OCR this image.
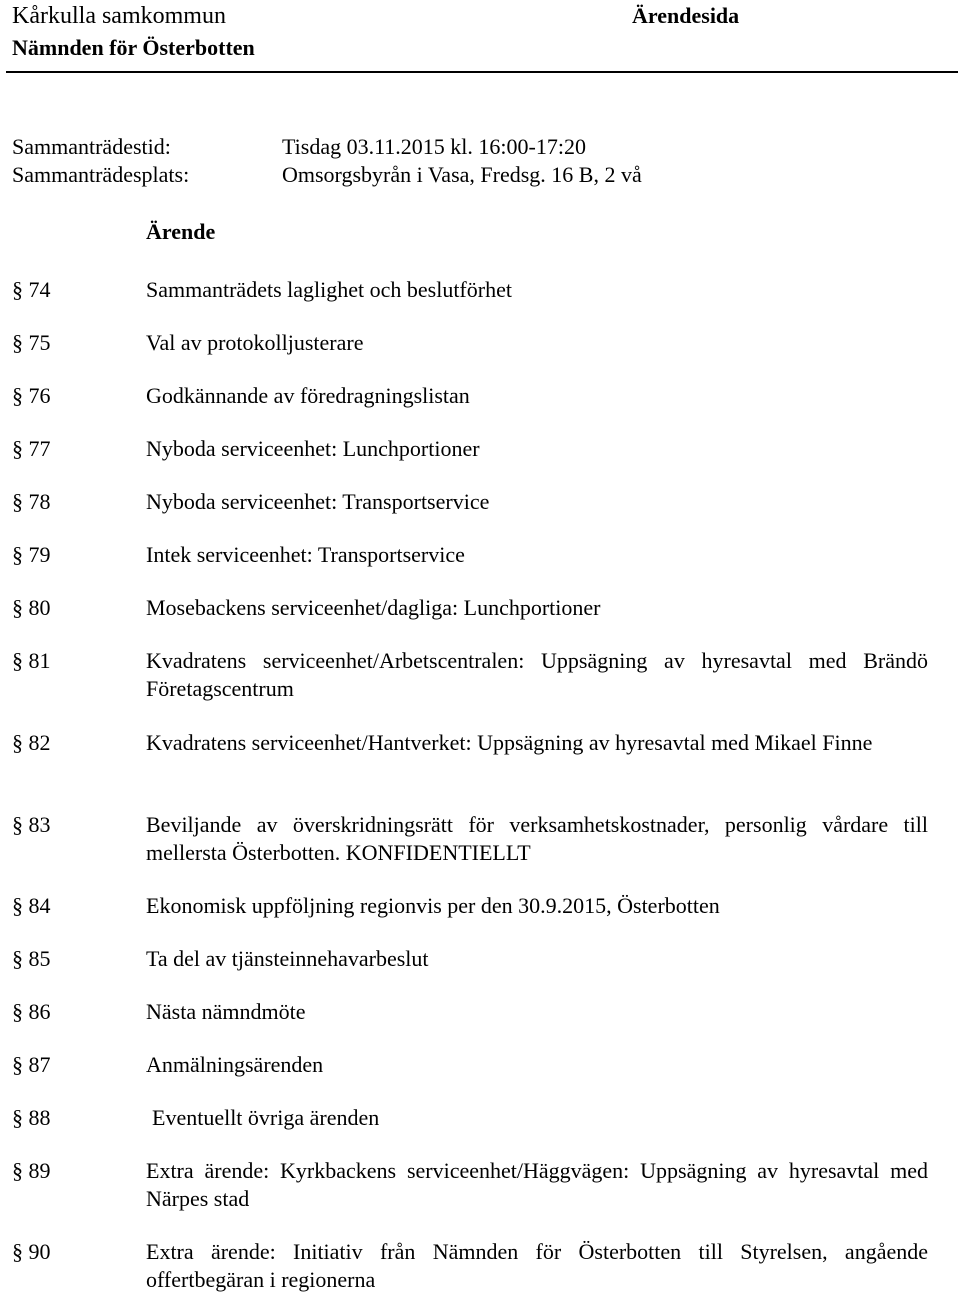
Kårkulla samkommun
Nämnden för Österbotten
Ärendesida
Sammanträdestid:	Tisdag 03.11.2015 kl. 16:00-17:20
Sammanträdesplats:	Omsorgsbyrån i Vasa, Fredsg. 16 B, 2 vå
Ärende
§ 74	Sammanträdets laglighet och beslutförhet
§ 75	Val av protokolljusterare
§ 76	Godkännande av föredragningslistan
§ 77	Nyboda serviceenhet: Lunchportioner
§ 78	Nyboda serviceenhet: Transportservice
§ 79	Intek serviceenhet: Transportservice
§ 80	Mosebackens serviceenhet/dagliga: Lunchportioner
§ 81	Kvadratens serviceenhet/Arbetscentralen: Uppsägning av hyresavtal med Brändö Företagscentrum
§ 82	Kvadratens serviceenhet/Hantverket: Uppsägning av hyresavtal med Mikael Finne
§ 83	Beviljande av överskridningsrätt för verksamhetskostnader, personlig vårdare till mellersta Österbotten. KONFIDENTIELLT
§ 84	Ekonomisk uppföljning regionvis per den 30.9.2015, Österbotten
§ 85	Ta del av tjänsteinnehavarbeslut
§ 86	Nästa nämndmöte
§ 87	Anmälningsärenden
§ 88	Eventuellt övriga ärenden
§ 89	Extra ärende: Kyrkbackens serviceenhet/Häggvägen: Uppsägning av hyresavtal med Närpes stad
§ 90	Extra ärende: Initiativ från Nämnden för Österbotten till Styrelsen, angående offertbegäran i regionerna
